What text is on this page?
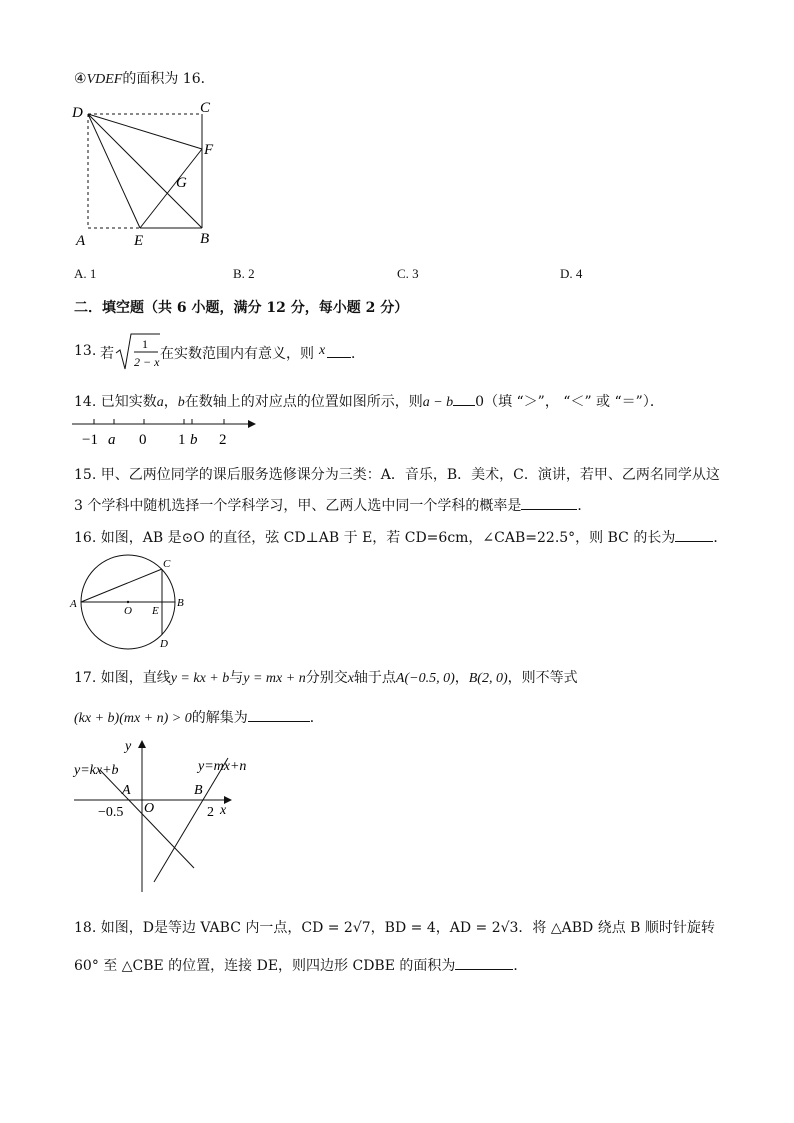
④VDEF的面积为 16．
D	C
F
G
A	E	B
A. 1	B. 2	C. 3	D. 4
二．填空题（共 6 小题，满分 12 分，每小题 2 分）
13. 若
1
2 − x 在实数范围内有意义，则 x ．
14. 已知实数a，b在数轴上的对应点的位置如图所示，则a − b 0（填 “＞”， “＜” 或 “＝”）．
−1 a 0 1 b 2
15. 甲、乙两位同学的课后服务选修课分为三类：A．音乐，B．美术，C．演讲，若甲、乙两名同学从这
3 个学科中随机选择一个学科学习，甲、乙两人选中同一个学科的概率是	．
16. 如图，AB 是⊙O 的直径，弦 CD⊥AB 于 E，若 CD=6cm，∠CAB=22.5°，则 BC 的长为	．
C
A
O E
B
D
17. 如图，直线y = kx + b与y = mx + n分别交x轴于点A(−0.5, 0)，B(2, 0)，则不等式
(kx + b)(mx + n) > 0的解集为	．
y
y=kx+b	y=mx+n
A	B
O	x
−0.5	2
18. 如图，D是等边 VABC 内一点，CD = 2√7，BD = 4，AD = 2√3．将 △ABD 绕点 B 顺时针旋转
60° 至 △CBE 的位置，连接 DE，则四边形 CDBE 的面积为	．
